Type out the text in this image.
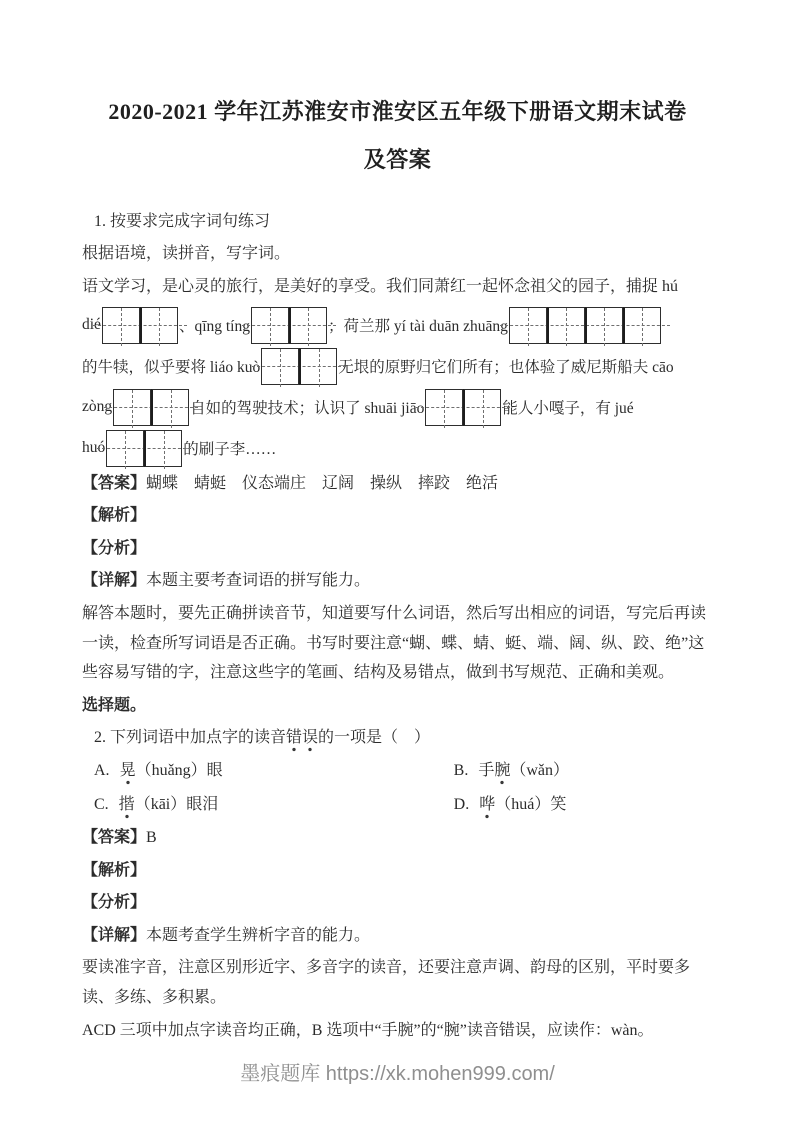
2020-2021 学年江苏淮安市淮安区五年级下册语文期末试卷
及答案

1. 按要求完成字词句练习

根据语境，读拼音，写字词。

语文学习，是心灵的旅行，是美好的享受。我们同萧红一起怀念祖父的园子，捕捉 hú

dié	、qīng tíng	；荷兰那 yí tài duān zhuāng
的牛犊，似乎要将 liáo kuò	无垠的原野归它们所有；也体验了威尼斯船夫 cāo
zòng	自如的驾驶技术；认识了 shuāi jiāo	能人小嘎子，有 jué
huó	的刷子李……

【答案】蝴蝶　蜻蜓　仪态端庄　辽阔　操纵　摔跤　绝活

【解析】

【分析】

【详解】本题主要考查词语的拼写能力。

解答本题时，要先正确拼读音节，知道要写什么词语，然后写出相应的词语，写完后再读一读，检查所写词语是否正确。书写时要注意“蝴、蝶、蜻、蜓、端、阔、纵、跤、绝”这些容易写错的字，注意这些字的笔画、结构及易错点，做到书写规范、正确和美观。

选择题。

2. 下列词语中加点字的读音错误的一项是（　）

A. 晃（huǎng）眼	B. 手腕（wǎn）
C. 揩（kāi）眼泪	D. 哗（huá）笑

【答案】B

【解析】

【分析】

【详解】本题考查学生辨析字音的能力。

要读准字音，注意区别形近字、多音字的读音，还要注意声调、韵母的区别，平时要多读、多练、多积累。

ACD 三项中加点字读音均正确，B 选项中“手腕”的“腕”读音错误，应读作：wàn。

墨痕题库 https://xk.mohen999.com/
